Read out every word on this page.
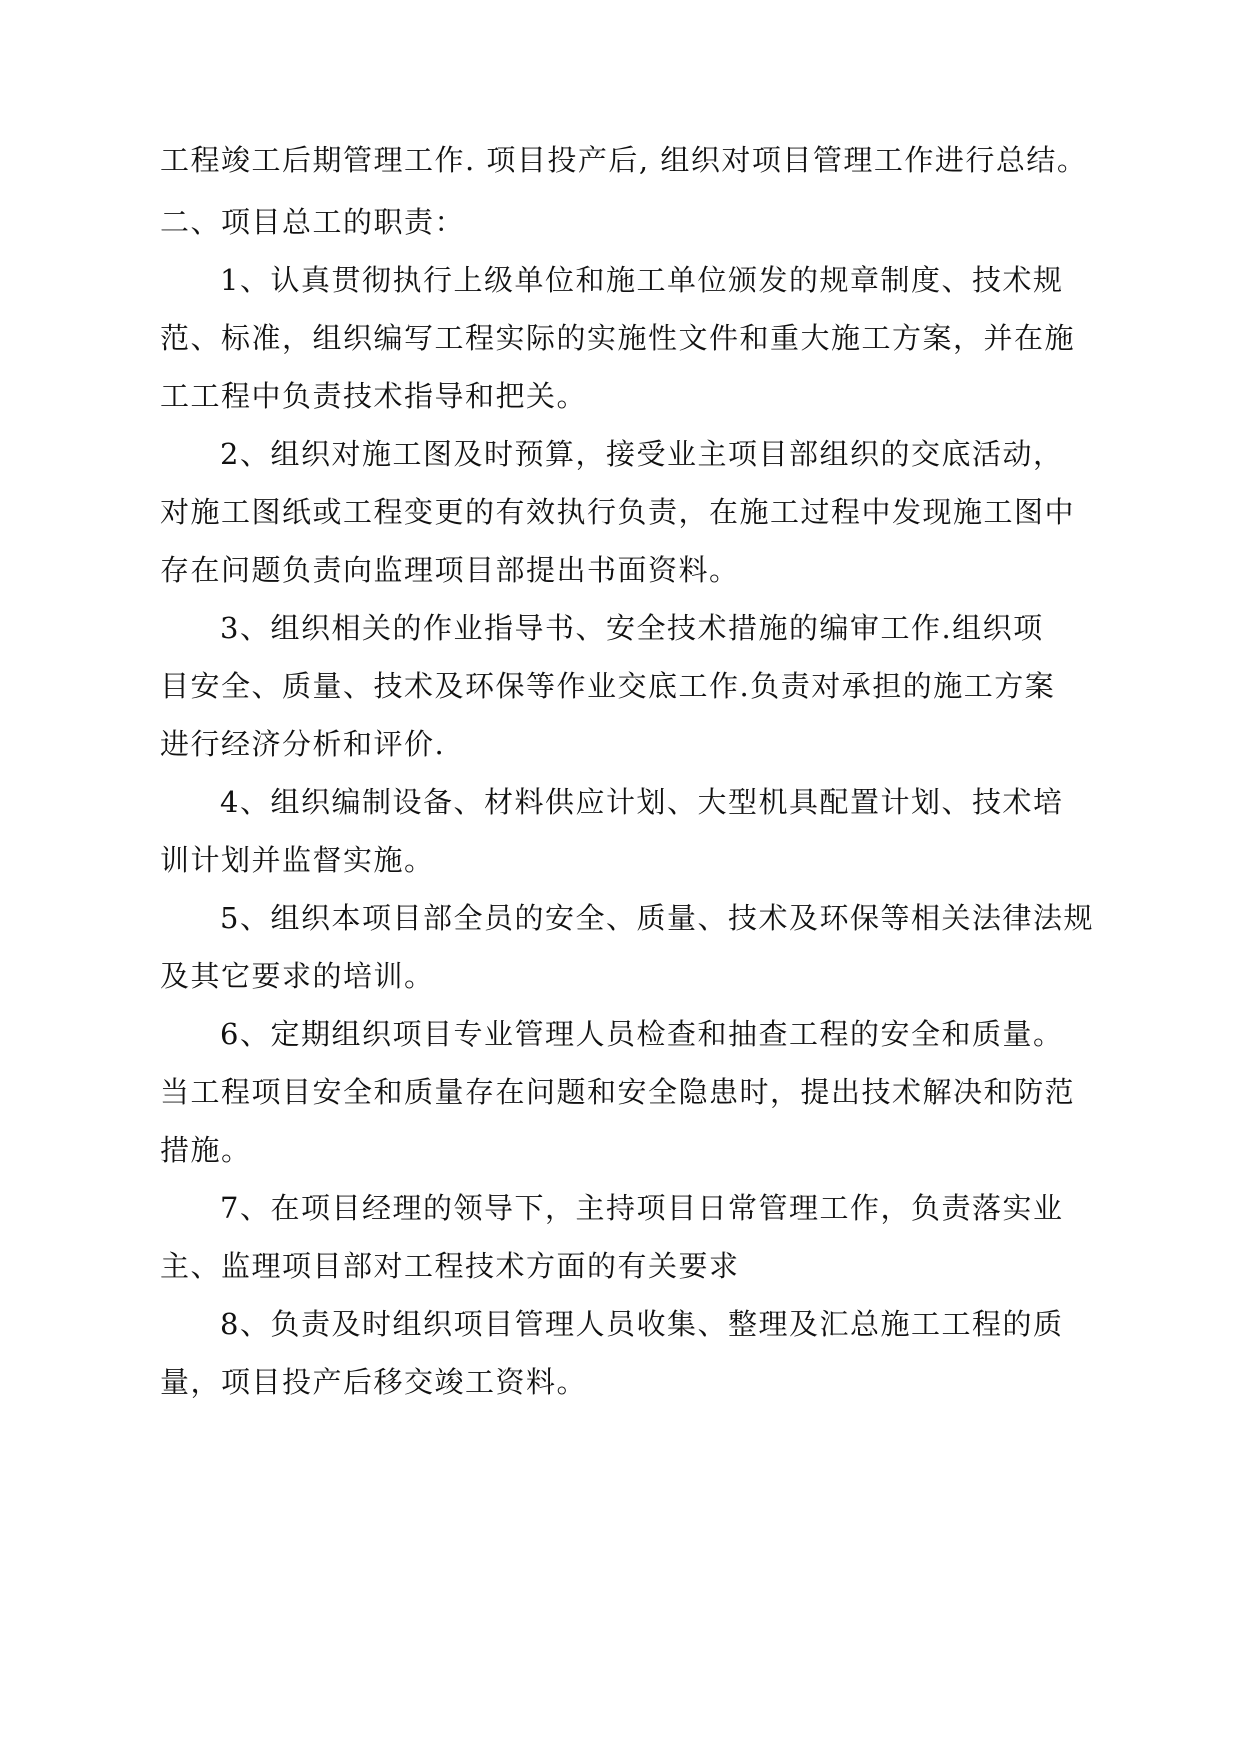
工程竣工后期管理工作. 项目投产后, 组织对项目管理工作进行总结。
二、项目总工的职责：
1、认真贯彻执行上级单位和施工单位颁发的规章制度、技术规
范、标准，组织编写工程实际的实施性文件和重大施工方案，并在施
工工程中负责技术指导和把关。
2、组织对施工图及时预算，接受业主项目部组织的交底活动，
对施工图纸或工程变更的有效执行负责，在施工过程中发现施工图中
存在问题负责向监理项目部提出书面资料。
3、组织相关的作业指导书、安全技术措施的编审工作.组织项
目安全、质量、技术及环保等作业交底工作.负责对承担的施工方案
进行经济分析和评价.
4、组织编制设备、材料供应计划、大型机具配置计划、技术培
训计划并监督实施。
5、组织本项目部全员的安全、质量、技术及环保等相关法律法规
及其它要求的培训。
6、定期组织项目专业管理人员检查和抽查工程的安全和质量。
当工程项目安全和质量存在问题和安全隐患时，提出技术解决和防范
措施。
7、在项目经理的领导下，主持项目日常管理工作，负责落实业
主、监理项目部对工程技术方面的有关要求
8、负责及时组织项目管理人员收集、整理及汇总施工工程的质
量，项目投产后移交竣工资料。
